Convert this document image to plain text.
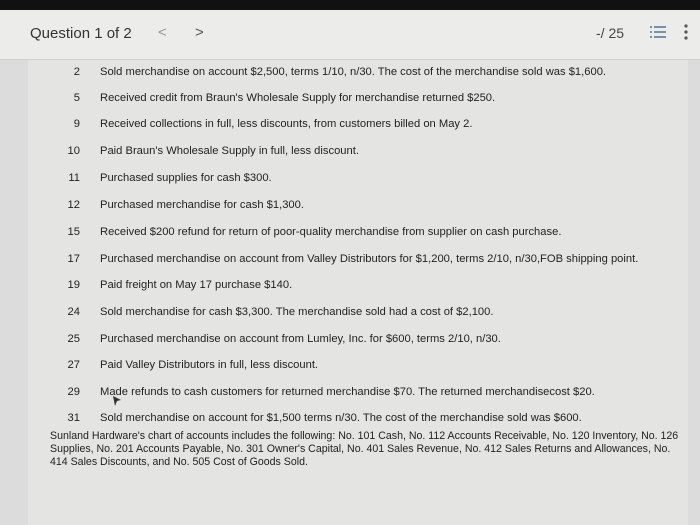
Question 1 of 2 < >	-/ 25
2 Sold merchandise on account $2,500, terms 1/10, n/30. The cost of the merchandise sold was $1,600.
5 Received credit from Braun's Wholesale Supply for merchandise returned $250.
9 Received collections in full, less discounts, from customers billed on May 2.
10 Paid Braun's Wholesale Supply in full, less discount.
11 Purchased supplies for cash $300.
12 Purchased merchandise for cash $1,300.
15 Received $200 refund for return of poor-quality merchandise from supplier on cash purchase.
17 Purchased merchandise on account from Valley Distributors for $1,200, terms 2/10, n/30,FOB shipping point.
19 Paid freight on May 17 purchase $140.
24 Sold merchandise for cash $3,300. The merchandise sold had a cost of $2,100.
25 Purchased merchandise on account from Lumley, Inc. for $600, terms 2/10, n/30.
27 Paid Valley Distributors in full, less discount.
29 Made refunds to cash customers for returned merchandise $70. The returned merchandisecost $20.
31 Sold merchandise on account for $1,500 terms n/30. The cost of the merchandise sold was $600.

Sunland Hardware's chart of accounts includes the following: No. 101 Cash, No. 112 Accounts Receivable, No. 120 Inventory, No. 126 Supplies, No. 201 Accounts Payable, No. 301 Owner's Capital, No. 401 Sales Revenue, No. 412 Sales Returns and Allowances, No. 414 Sales Discounts, and No. 505 Cost of Goods Sold.
